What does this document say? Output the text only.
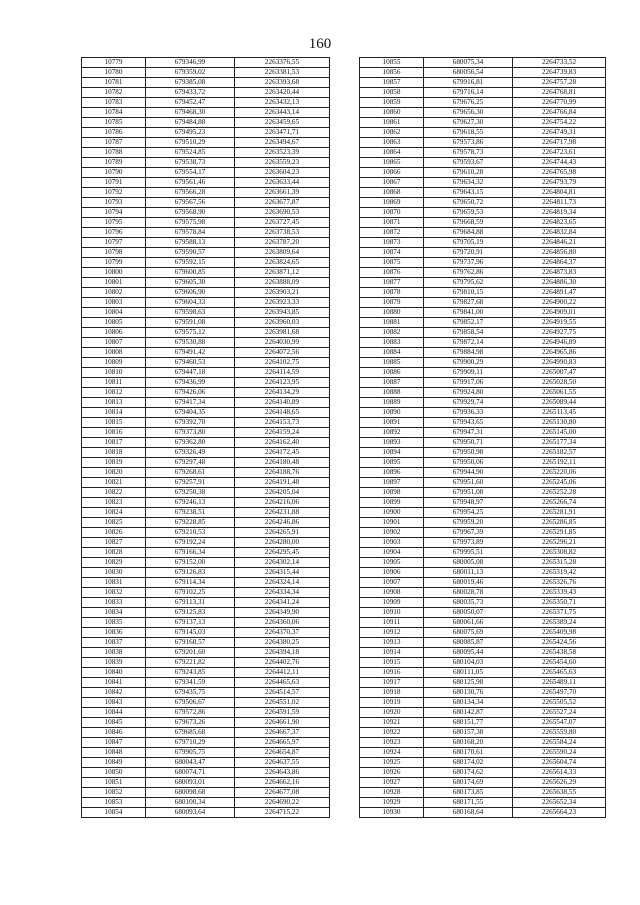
160
10779	679346,99	2263376,55
10780	679359,02	2263381,53
10781	679385,08	2263393,68
10782	679433,72	2263420,44
10783	679452,47	2263432,13
10784	679468,30	2263443,14
10785	679484,88	2263459,65
10786	679495,23	2263471,71
10787	679510,29	2263494,67
10788	679524,85	2263523,39
10789	679538,73	2263559,23
10790	679554,17	2263604,23
10791	679561,46	2263633,44
10792	679566,28	2263661,39
10793	679567,56	2263677,87
10794	679568,90	2263690,53
10795	679575,98	2263727,45
10796	679578,84	2263738,53
10797	679588,13	2263787,20
10798	679590,57	2263809,64
10799	679592,15	2263824,65
10800	679600,85	2263871,12
10801	679605,30	2263888,09
10802	679606,90	2263903,21
10803	679604,33	2263923,33
10804	679598,63	2263943,85
10805	679591,08	2263960,03
10806	679575,12	2263981,68
10807	679530,88	2264030,99
10808	679491,42	2264072,56
10809	679460,53	2264102,75
10810	679447,18	2264114,59
10811	679436,99	2264123,95
10812	679426,06	2264134,29
10813	679417,34	2264140,89
10814	679404,35	2264148,65
10815	679392,70	2264153,73
10816	679373,80	2264159,24
10817	679362,80	2264162,40
10818	679326,49	2264172,45
10819	679297,48	2264180,48
10820	679268,61	2264188,76
10821	679257,91	2264191,48
10822	679250,38	2264205,04
10823	679246,13	2264216,06
10824	679238,51	2264231,88
10825	679228,85	2264246,86
10826	679210,53	2264265,91
10827	679192,24	2264280,00
10828	679166,34	2264295,45
10829	679152,00	2264302,14
10830	679126,83	2264315,44
10831	679114,34	2264324,14
10832	679102,25	2264334,34
10833	679113,31	2264341,24
10834	679125,83	2264349,90
10835	679137,13	2264360,06
10836	679145,03	2264370,37
10837	679168,57	2264380,25
10838	679201,60	2264394,18
10839	679221,82	2264402,76
10840	679243,85	2264412,11
10841	679341,59	2264465,63
10842	679435,75	2264514,57
10843	679506,67	2264551,02
10844	679572,86	2264591,59
10845	679673,26	2264661,90
10846	679685,68	2264667,37
10847	679710,29	2264665,97
10848	679905,75	2264654,87
10849	680043,47	2264637,55
10850	680074,71	2264643,86
10851	680093,01	2264662,16
10852	680098,68	2264677,08
10853	680100,34	2264690,22
10854	680093,64	2264715,22
10855	680075,34	2264733,52
10856	680056,54	2264739,83
10857	679916,81	2264757,28
10858	679716,14	2264768,81
10859	679676,25	2264770,99
10860	679656,30	2264766,84
10861	679627,30	2264754,22
10862	679618,55	2264749,31
10863	679573,86	2264717,98
10864	679578,73	2264723,61
10865	679593,67	2264744,43
10866	679610,28	2264765,98
10867	679634,32	2264793,79
10868	679643,15	2264804,81
10869	679650,72	2264811,73
10870	679659,53	2264819,34
10871	679668,59	2264823,65
10872	679684,88	2264832,84
10873	679705,19	2264846,21
10874	679720,91	2264856,80
10875	679737,96	2264864,37
10876	679762,86	2264873,83
10877	679795,62	2264886,30
10878	679810,15	2264891,47
10879	679827,68	2264900,22
10880	679841,00	2264909,01
10881	679852,17	2264919,55
10882	679858,54	2264927,75
10883	679872,14	2264946,89
10884	679884,98	2264965,86
10885	679900,29	2264990,83
10886	679909,11	2265007,47
10887	679917,06	2265028,50
10888	679924,80	2265061,55
10889	679929,74	2265089,44
10890	679936,33	2265113,45
10891	679943,65	2265130,80
10892	679947,31	2265145,00
10893	679950,71	2265177,34
10894	679950,98	2265182,57
10895	679950,06	2265192,11
10896	679944,90	2265220,06
10897	679951,60	2265245,06
10898	679951,08	2265252,28
10899	679948,97	2265266,74
10900	679954,25	2265281,91
10901	679959,20	2265286,85
10902	679967,39	2265291,85
10903	679973,89	2265296,21
10904	679995,51	2265308,82
10905	680005,08	2265315,28
10906	680011,13	2265319,42
10907	680019,46	2265326,76
10908	680028,78	2265339,43
10909	680035,73	2265350,71
10910	680050,07	2265371,75
10911	680061,66	2265389,24
10912	680075,69	2265409,98
10913	680085,87	2265424,56
10914	680095,44	2265438,58
10915	680104,03	2265454,60
10916	680111,05	2265465,63
10917	680125,98	2265489,11
10918	680130,76	2265497,70
10919	680134,34	2265505,52
10920	680142,87	2265527,24
10921	680151,77	2265547,07
10922	680157,38	2265559,80
10923	680168,20	2265584,24
10924	680170,61	2265590,24
10925	680174,02	2265604,74
10926	680174,62	2265614,33
10927	680174,69	2265626,29
10928	680173,85	2265638,55
10929	680171,55	2265652,34
10930	680168,64	2265664,23
